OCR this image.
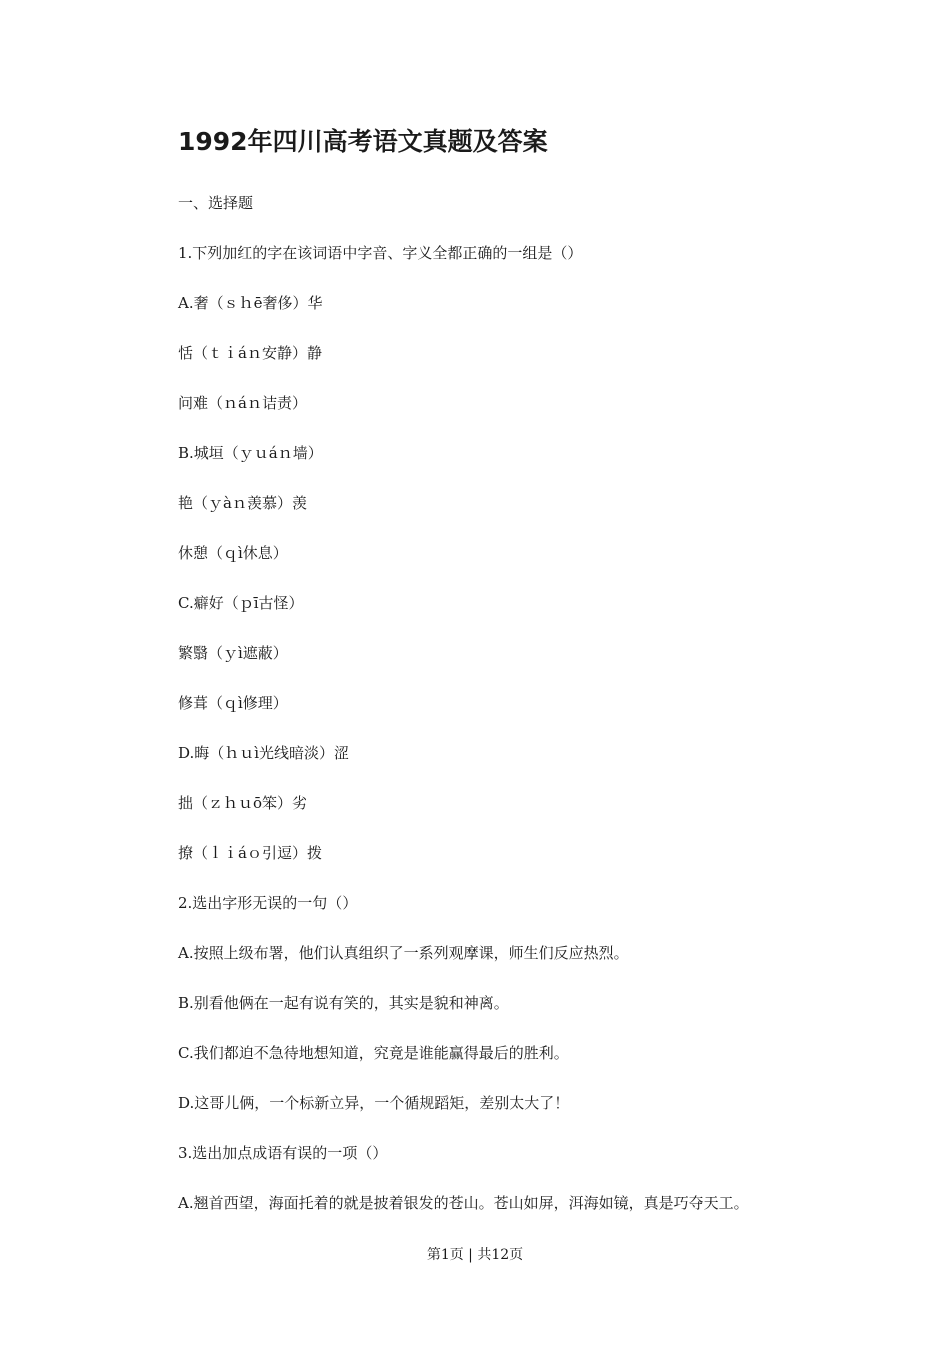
1992年四川高考语文真题及答案
一、选择题
1.下列加红的字在该词语中字音、字义全都正确的一组是（）
A.奢（ｓｈē奢侈）华
恬（ｔｉáｎ安静）静
问难（ｎáｎ诘责）
B.城垣（ｙｕáｎ墙）
艳（ｙàｎ羡慕）羡
休憩（ｑì休息）
C.癖好（ｐī古怪）
繁翳（ｙì遮蔽）
修葺（ｑì修理）
D.晦（ｈｕì光线暗淡）涩
拙（ｚｈｕō笨）劣
撩（ｌｉáｏ引逗）拨
2.选出字形无误的一句（）
A.按照上级布署，他们认真组织了一系列观摩课，师生们反应热烈。
B.别看他俩在一起有说有笑的，其实是貌和神离。
C.我们都迫不急待地想知道，究竟是谁能赢得最后的胜利。
D.这哥儿俩，一个标新立异，一个循规蹈矩，差别太大了！
3.选出加点成语有误的一项（）
A.翘首西望，海面托着的就是披着银发的苍山。苍山如屏，洱海如镜，真是巧夺天工。
第1页 | 共12页
